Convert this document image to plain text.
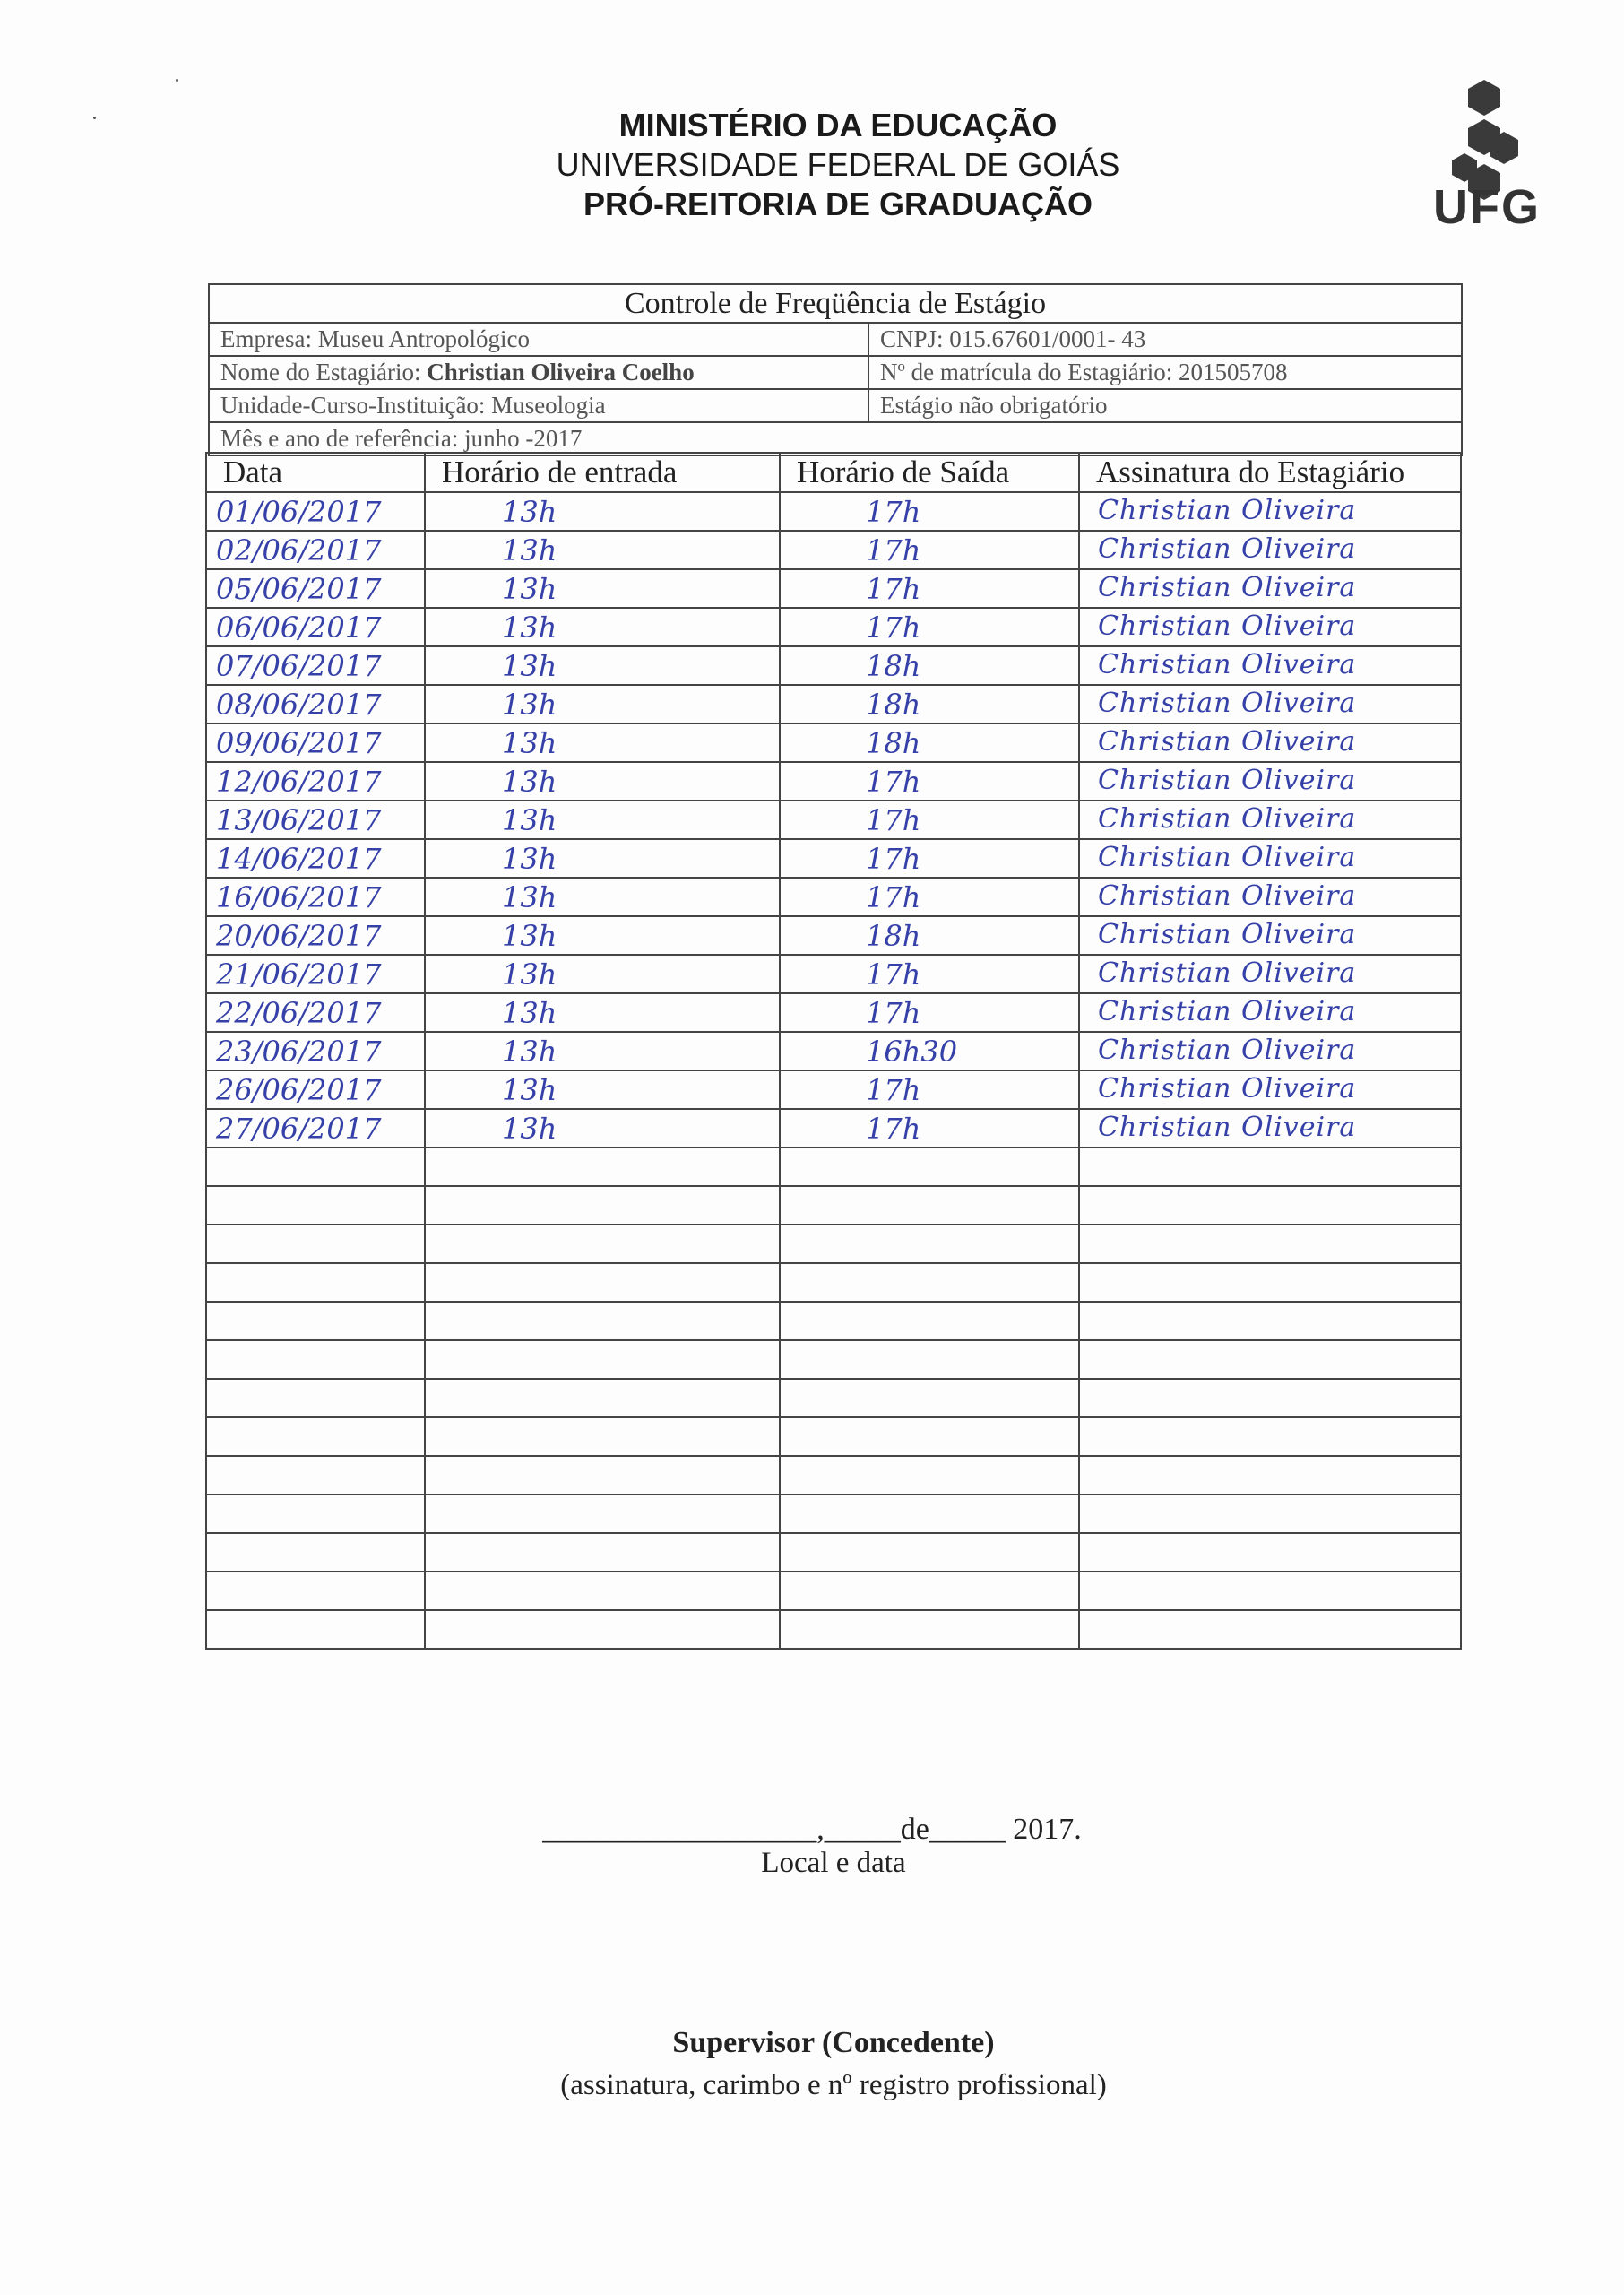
MINISTÉRIO DA EDUCAÇÃO
UNIVERSIDADE FEDERAL DE GOIÁS
PRÓ-REITORIA DE GRADUAÇÃO	UFG
Controle de Freqüência de Estágio	
Empresa: Museu Antropológico	CNPJ: 015.67601/0001- 43
Nome do Estagiário: Christian Oliveira Coelho	Nº de matrícula do Estagiário: 201505708
Unidade-Curso-Instituição: Museologia	Estágio não obrigatório
Mês e ano de referência: junho -2017	
Data	Horário de entrada	Horário de Saída	Assinatura do Estagiário

01/06/2017	13h	17h	Christian Oliveira

02/06/2017	13h	17h	Christian Oliveira

05/06/2017	13h	17h	Christian Oliveira

06/06/2017	13h	17h	Christian Oliveira

07/06/2017	13h	18h	Christian Oliveira

08/06/2017	13h	18h	Christian Oliveira

09/06/2017	13h	18h	Christian Oliveira

12/06/2017	13h	17h	Christian Oliveira

13/06/2017	13h	17h	Christian Oliveira

14/06/2017	13h	17h	Christian Oliveira

16/06/2017	13h	17h	Christian Oliveira

20/06/2017	13h	18h	Christian Oliveira

21/06/2017	13h	17h	Christian Oliveira

22/06/2017	13h	17h	Christian Oliveira

23/06/2017	13h	16h30	Christian Oliveira

26/06/2017	13h	17h	Christian Oliveira

27/06/2017	13h	17h	Christian Oliveira

__________________,_____de_____ 2017.
Local e data
Supervisor (Concedente)
(assinatura, carimbo e nº registro profissional)
